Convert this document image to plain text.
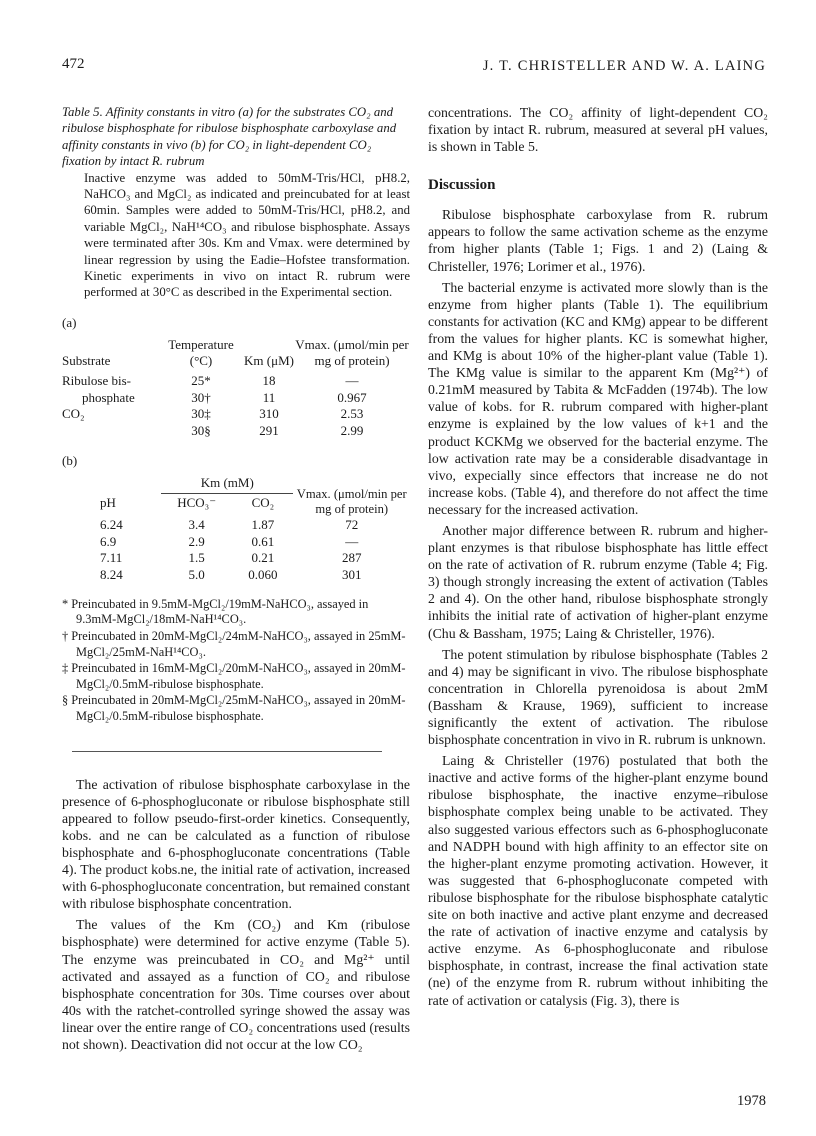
472	J. T. CHRISTELLER AND W. A. LAING

Table 5. Affinity constants in vitro (a) for the substrates CO₂ and ribulose bisphosphate for ribulose bisphosphate carboxylase and affinity constants in vivo (b) for CO₂ in light-dependent CO₂ fixation by intact R. rubrum

Inactive enzyme was added to 50mM-Tris/HCl, pH8.2, NaHCO₃ and MgCl₂ as indicated and preincubated for at least 60min. Samples were added to 50mM-Tris/HCl, pH8.2, and variable MgCl₂, NaH¹⁴CO₃ and ribulose bisphosphate. Assays were terminated after 30s. Km and Vmax. were determined by linear regression by using the Eadie–Hofstee transformation. Kinetic experiments in vivo on intact R. rubrum were performed at 30°C as described in the Experimental section.

(a)
Substrate	Temperature (°C)	Km (μM)	Vmax. (μmol/min per mg of protein)
Ribulose bis-	25*	18	—
phosphate	30†	11	0.967
CO₂	30‡	310	2.53
	30§	291	2.99
(b)
	Km (mM)		Vmax. (μmol/min per mg of protein)
pH	HCO₃⁻	CO₂	
6.24	3.4	1.87	72
6.9	2.9	0.61	—
7.11	1.5	0.21	287
8.24	5.0	0.060	301

* Preincubated in 9.5mM-MgCl₂/19mM-NaHCO₃, assayed in 9.3mM-MgCl₂/18mM-NaH¹⁴CO₃.

† Preincubated in 20mM-MgCl₂/24mM-NaHCO₃, assayed in 25mM-MgCl₂/25mM-NaH¹⁴CO₃.

‡ Preincubated in 16mM-MgCl₂/20mM-NaHCO₃, assayed in 20mM-MgCl₂/0.5mM-ribulose bisphosphate.

§ Preincubated in 20mM-MgCl₂/25mM-NaHCO₃, assayed in 20mM-MgCl₂/0.5mM-ribulose bisphosphate.

The activation of ribulose bisphosphate carboxylase in the presence of 6-phosphogluconate or ribulose bisphosphate still appeared to follow pseudo-first-order kinetics. Consequently, kobs. and ne can be calculated as a function of ribulose bisphosphate and 6-phosphogluconate concentrations (Table 4). The product kobs.ne, the initial rate of activation, increased with 6-phosphogluconate concentration, but remained constant with ribulose bisphosphate concentration.

The values of the Km (CO₂) and Km (ribulose bisphosphate) were determined for active enzyme (Table 5). The enzyme was preincubated in CO₂ and Mg²⁺ until activated and assayed as a function of CO₂ and ribulose bisphosphate concentration for 30s. Time courses over about 40s with the ratchet-controlled syringe showed the assay was linear over the entire range of CO₂ concentrations used (results not shown). Deactivation did not occur at the low CO₂

concentrations. The CO₂ affinity of light-dependent CO₂ fixation by intact R. rubrum, measured at several pH values, is shown in Table 5.

Discussion

Ribulose bisphosphate carboxylase from R. rubrum appears to follow the same activation scheme as the enzyme from higher plants (Table 1; Figs. 1 and 2) (Laing & Christeller, 1976; Lorimer et al., 1976).

The bacterial enzyme is activated more slowly than is the enzyme from higher plants (Table 1). The equilibrium constants for activation (KC and KMg) appear to be different from the values for higher plants. KC is somewhat higher, and KMg is about 10% of the higher-plant value (Table 1). The KMg value is similar to the apparent Km (Mg²⁺) of 0.21mM measured by Tabita & McFadden (1974b). The low value of kobs. for R. rubrum compared with higher-plant enzyme is explained by the low values of k+1 and the product KCKMg we observed for the bacterial enzyme. The low activation rate may be a considerable disadvantage in vivo, expecially since effectors that increase ne do not increase kobs. (Table 4), and therefore do not affect the time necessary for the increased activation.

Another major difference between R. rubrum and higher-plant enzymes is that ribulose bisphosphate has little effect on the rate of activation of R. rubrum enzyme (Table 4; Fig. 3) though strongly increasing the extent of activation (Tables 2 and 4). On the other hand, ribulose bisphosphate strongly inhibits the initial rate of activation of higher-plant enzyme (Chu & Bassham, 1975; Laing & Christeller, 1976).

The potent stimulation by ribulose bisphosphate (Tables 2 and 4) may be significant in vivo. The ribulose bisphosphate concentration in Chlorella pyrenoidosa is about 2mM (Bassham & Krause, 1969), sufficient to increase significantly the extent of activation. The ribulose bisphosphate concentration in vivo in R. rubrum is unknown.

Laing & Christeller (1976) postulated that both the inactive and active forms of the higher-plant enzyme bound ribulose bisphosphate, the inactive enzyme–ribulose bisphosphate complex being unable to be activated. They also suggested various effectors such as 6-phosphogluconate and NADPH bound with high affinity to an effector site on the higher-plant enzyme promoting activation. However, it was suggested that 6-phosphogluconate competed with ribulose bisphosphate for the ribulose bisphosphate catalytic site on both inactive and active plant enzyme and decreased the rate of activation of inactive enzyme and catalysis by active enzyme. As 6-phosphogluconate and ribulose bisphosphate, in contrast, increase the final activation state (ne) of the enzyme from R. rubrum without inhibiting the rate of activation or catalysis (Fig. 3), there is

1978
